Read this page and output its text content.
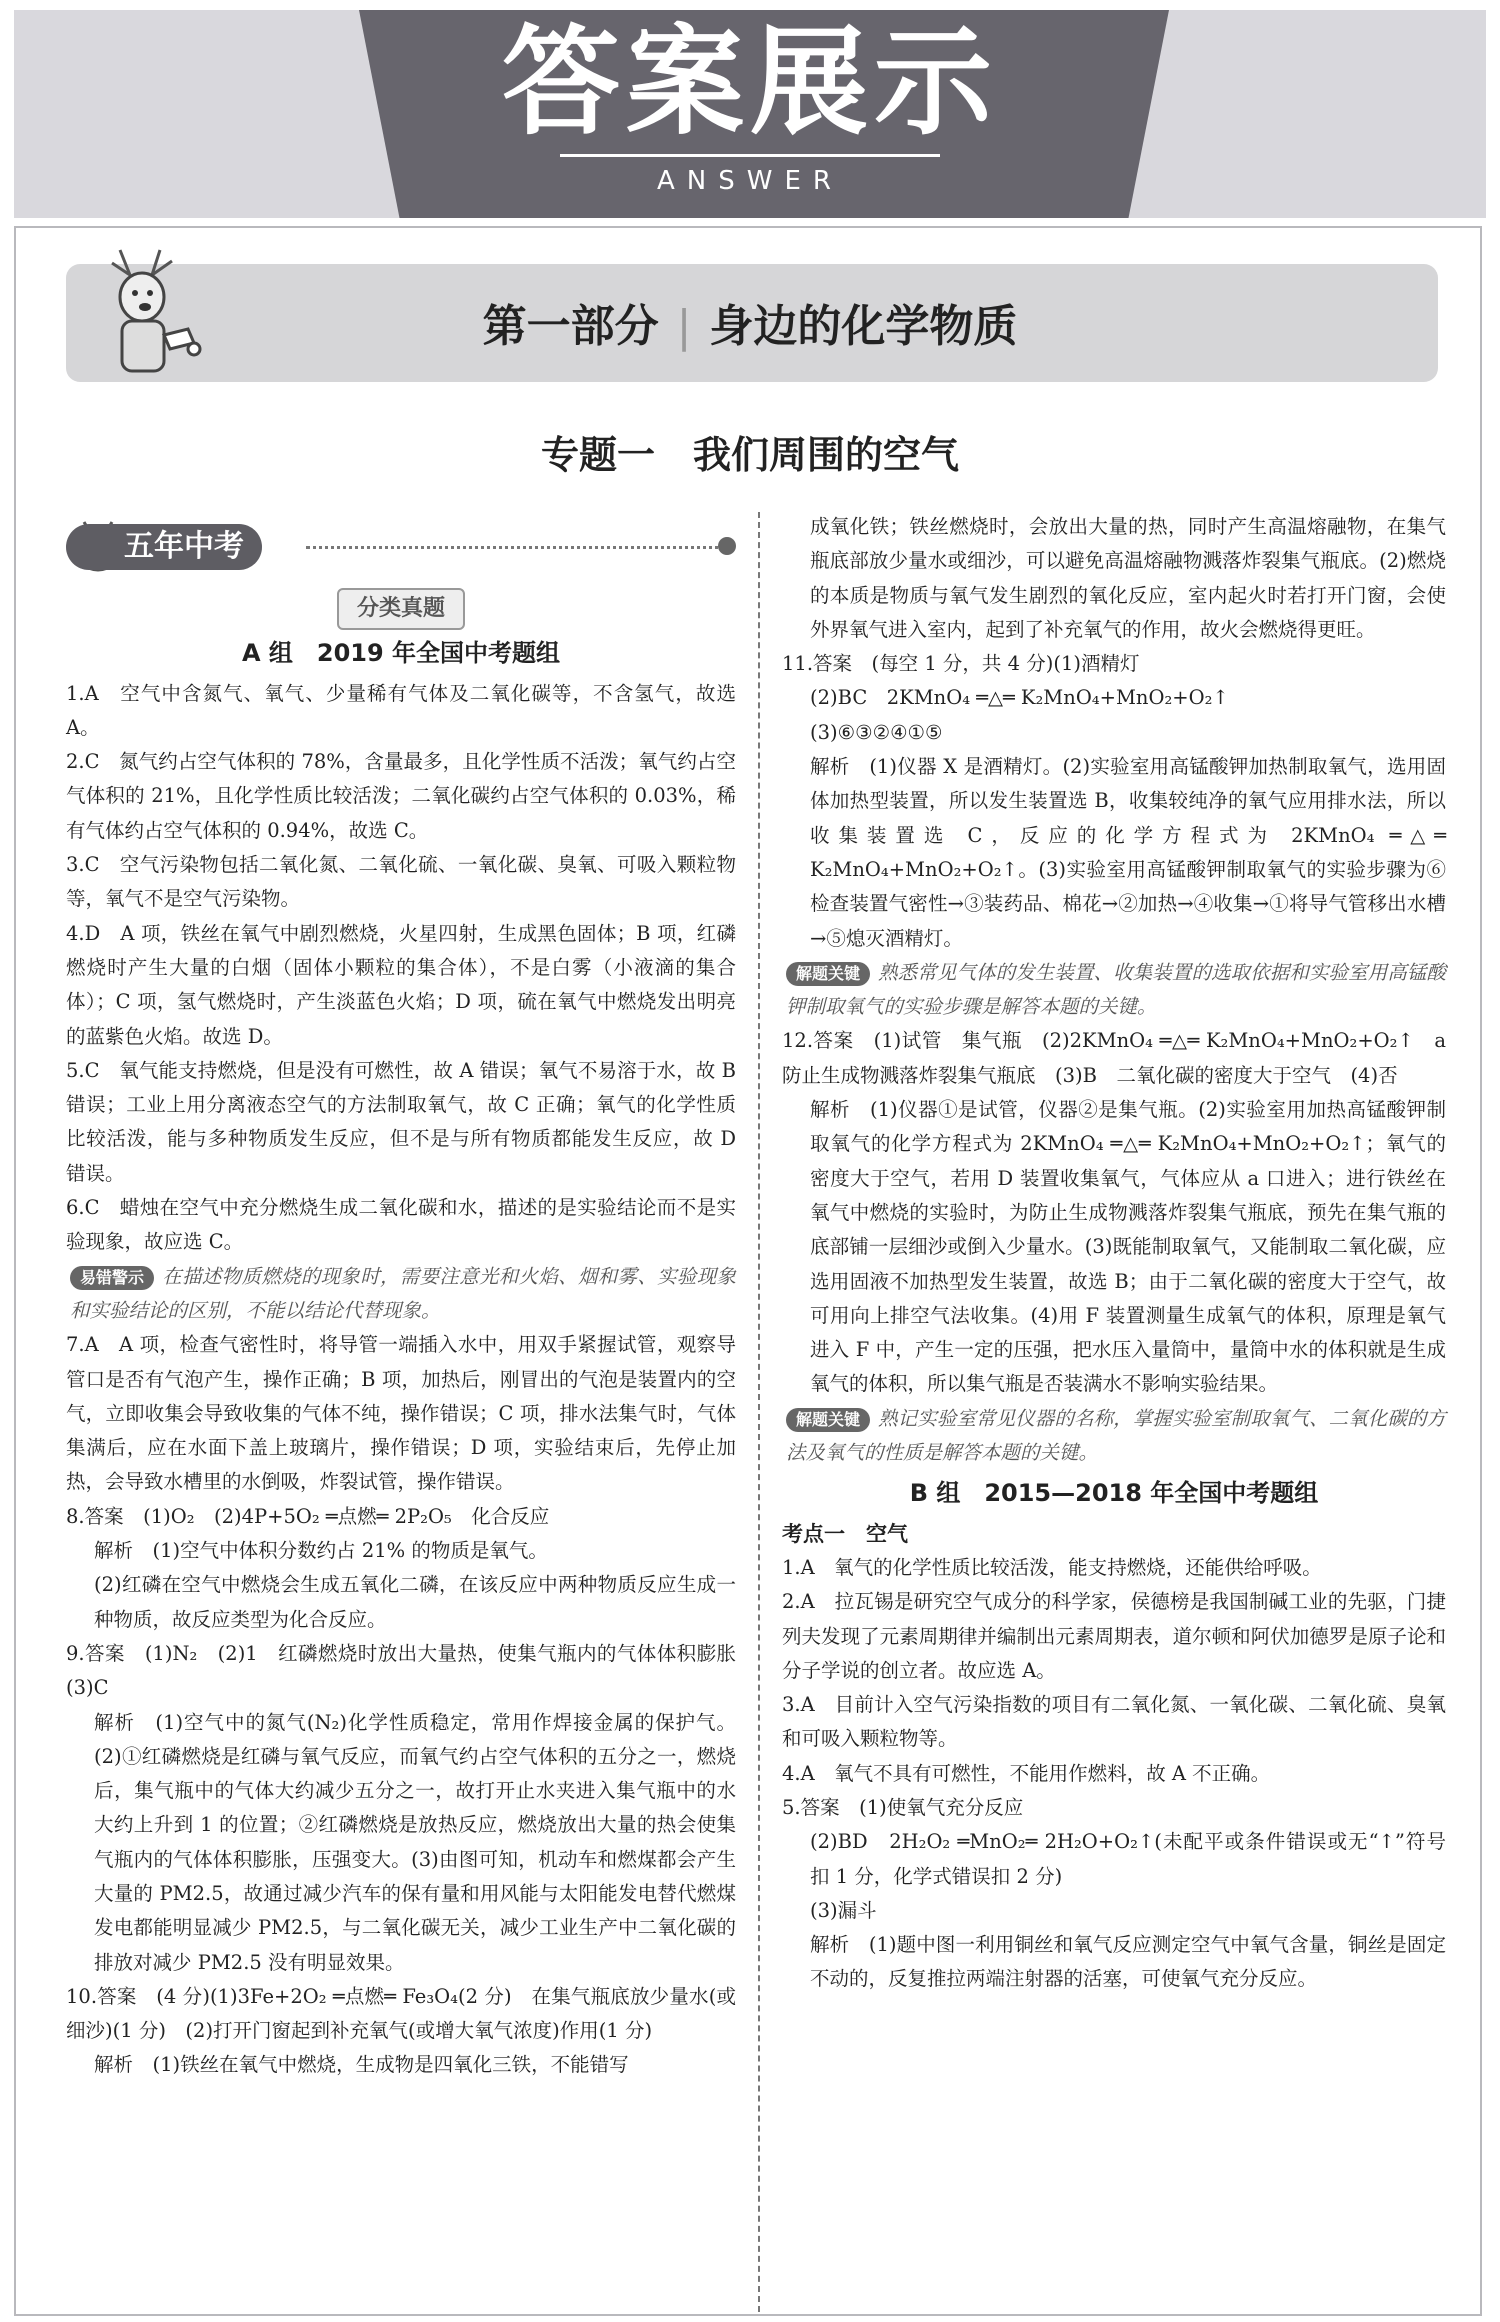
答案展示
ANSWER
第一部分 | 身边的化学物质
专题一　我们周围的空气
五年中考
分类真题
A 组　2019 年全国中考题组

1.A　空气中含氮气、氧气、少量稀有气体及二氧化碳等，不含氢气，故选 A。

2.C　氮气约占空气体积的 78%，含量最多，且化学性质不活泼；氧气约占空气体积的 21%，且化学性质比较活泼；二氧化碳约占空气体积的 0.03%，稀有气体约占空气体积的 0.94%，故选 C。

3.C　空气污染物包括二氧化氮、二氧化硫、一氧化碳、臭氧、可吸入颗粒物等，氧气不是空气污染物。

4.D　A 项，铁丝在氧气中剧烈燃烧，火星四射，生成黑色固体；B 项，红磷燃烧时产生大量的白烟（固体小颗粒的集合体），不是白雾（小液滴的集合体）；C 项，氢气燃烧时，产生淡蓝色火焰；D 项，硫在氧气中燃烧发出明亮的蓝紫色火焰。故选 D。

5.C　氧气能支持燃烧，但是没有可燃性，故 A 错误；氧气不易溶于水，故 B 错误；工业上用分离液态空气的方法制取氧气，故 C 正确；氧气的化学性质比较活泼，能与多种物质发生反应，但不是与所有物质都能发生反应，故 D 错误。

6.C　蜡烛在空气中充分燃烧生成二氧化碳和水，描述的是实验结论而不是实验现象，故应选 C。

易错警示 在描述物质燃烧的现象时，需要注意光和火焰、烟和雾、实验现象和实验结论的区别，不能以结论代替现象。

7.A　A 项，检查气密性时，将导管一端插入水中，用双手紧握试管，观察导管口是否有气泡产生，操作正确；B 项，加热后，刚冒出的气泡是装置内的空气，立即收集会导致收集的气体不纯，操作错误；C 项，排水法集气时，气体集满后，应在水面下盖上玻璃片，操作错误；D 项，实验结束后，先停止加热，会导致水槽里的水倒吸，炸裂试管，操作错误。

8.答案　(1)O₂　(2)4P+5O₂ ═点燃═ 2P₂O₅　化合反应

解析　(1)空气中体积分数约占 21% 的物质是氧气。

(2)红磷在空气中燃烧会生成五氧化二磷，在该反应中两种物质反应生成一种物质，故反应类型为化合反应。

9.答案　(1)N₂　(2)1　红磷燃烧时放出大量热，使集气瓶内的气体体积膨胀　(3)C

解析　(1)空气中的氮气(N₂)化学性质稳定，常用作焊接金属的保护气。(2)①红磷燃烧是红磷与氧气反应，而氧气约占空气体积的五分之一，燃烧后，集气瓶中的气体大约减少五分之一，故打开止水夹进入集气瓶中的水大约上升到 1 的位置；②红磷燃烧是放热反应，燃烧放出大量的热会使集气瓶内的气体体积膨胀，压强变大。(3)由图可知，机动车和燃煤都会产生大量的 PM2.5，故通过减少汽车的保有量和用风能与太阳能发电替代燃煤发电都能明显减少 PM2.5，与二氧化碳无关，减少工业生产中二氧化碳的排放对减少 PM2.5 没有明显效果。

10.答案　(4 分)(1)3Fe+2O₂ ═点燃═ Fe₃O₄(2 分)　在集气瓶底放少量水(或细沙)(1 分)　(2)打开门窗起到补充氧气(或增大氧气浓度)作用(1 分)

解析　(1)铁丝在氧气中燃烧，生成物是四氧化三铁，不能错写

成氧化铁；铁丝燃烧时，会放出大量的热，同时产生高温熔融物，在集气瓶底部放少量水或细沙，可以避免高温熔融物溅落炸裂集气瓶底。(2)燃烧的本质是物质与氧气发生剧烈的氧化反应，室内起火时若打开门窗，会使外界氧气进入室内，起到了补充氧气的作用，故火会燃烧得更旺。

11.答案　(每空 1 分，共 4 分)(1)酒精灯

(2)BC　2KMnO₄ ═△═ K₂MnO₄+MnO₂+O₂↑

(3)⑥③②④①⑤

解析　(1)仪器 X 是酒精灯。(2)实验室用高锰酸钾加热制取氧气，选用固体加热型装置，所以发生装置选 B，收集较纯净的氧气应用排水法，所以收集装置选 C，反应的化学方程式为 2KMnO₄ ═△═ K₂MnO₄+MnO₂+O₂↑。(3)实验室用高锰酸钾制取氧气的实验步骤为⑥检查装置气密性→③装药品、棉花→②加热→④收集→①将导气管移出水槽→⑤熄灭酒精灯。

解题关键 熟悉常见气体的发生装置、收集装置的选取依据和实验室用高锰酸钾制取氧气的实验步骤是解答本题的关键。

12.答案　(1)试管　集气瓶　(2)2KMnO₄ ═△═ K₂MnO₄+MnO₂+O₂↑　a　防止生成物溅落炸裂集气瓶底　(3)B　二氧化碳的密度大于空气　(4)否

解析　(1)仪器①是试管，仪器②是集气瓶。(2)实验室用加热高锰酸钾制取氧气的化学方程式为 2KMnO₄ ═△═ K₂MnO₄+MnO₂+O₂↑；氧气的密度大于空气，若用 D 装置收集氧气，气体应从 a 口进入；进行铁丝在氧气中燃烧的实验时，为防止生成物溅落炸裂集气瓶底，预先在集气瓶的底部铺一层细沙或倒入少量水。(3)既能制取氧气，又能制取二氧化碳，应选用固液不加热型发生装置，故选 B；由于二氧化碳的密度大于空气，故可用向上排空气法收集。(4)用 F 装置测量生成氧气的体积，原理是氧气进入 F 中，产生一定的压强，把水压入量筒中，量筒中水的体积就是生成氧气的体积，所以集气瓶是否装满水不影响实验结果。

解题关键 熟记实验室常见仪器的名称，掌握实验室制取氧气、二氧化碳的方法及氧气的性质是解答本题的关键。

B 组　2015—2018 年全国中考题组

考点一　空气

1.A　氧气的化学性质比较活泼，能支持燃烧，还能供给呼吸。

2.A　拉瓦锡是研究空气成分的科学家，侯德榜是我国制碱工业的先驱，门捷列夫发现了元素周期律并编制出元素周期表，道尔顿和阿伏加德罗是原子论和分子学说的创立者。故应选 A。

3.A　目前计入空气污染指数的项目有二氧化氮、一氧化碳、二氧化硫、臭氧和可吸入颗粒物等。

4.A　氧气不具有可燃性，不能用作燃料，故 A 不正确。

5.答案　(1)使氧气充分反应

(2)BD　2H₂O₂ ═MnO₂═ 2H₂O+O₂↑(未配平或条件错误或无“↑”符号扣 1 分，化学式错误扣 2 分)

(3)漏斗

解析　(1)题中图一利用铜丝和氧气反应测定空气中氧气含量，铜丝是固定不动的，反复推拉两端注射器的活塞，可使氧气充分反应。
